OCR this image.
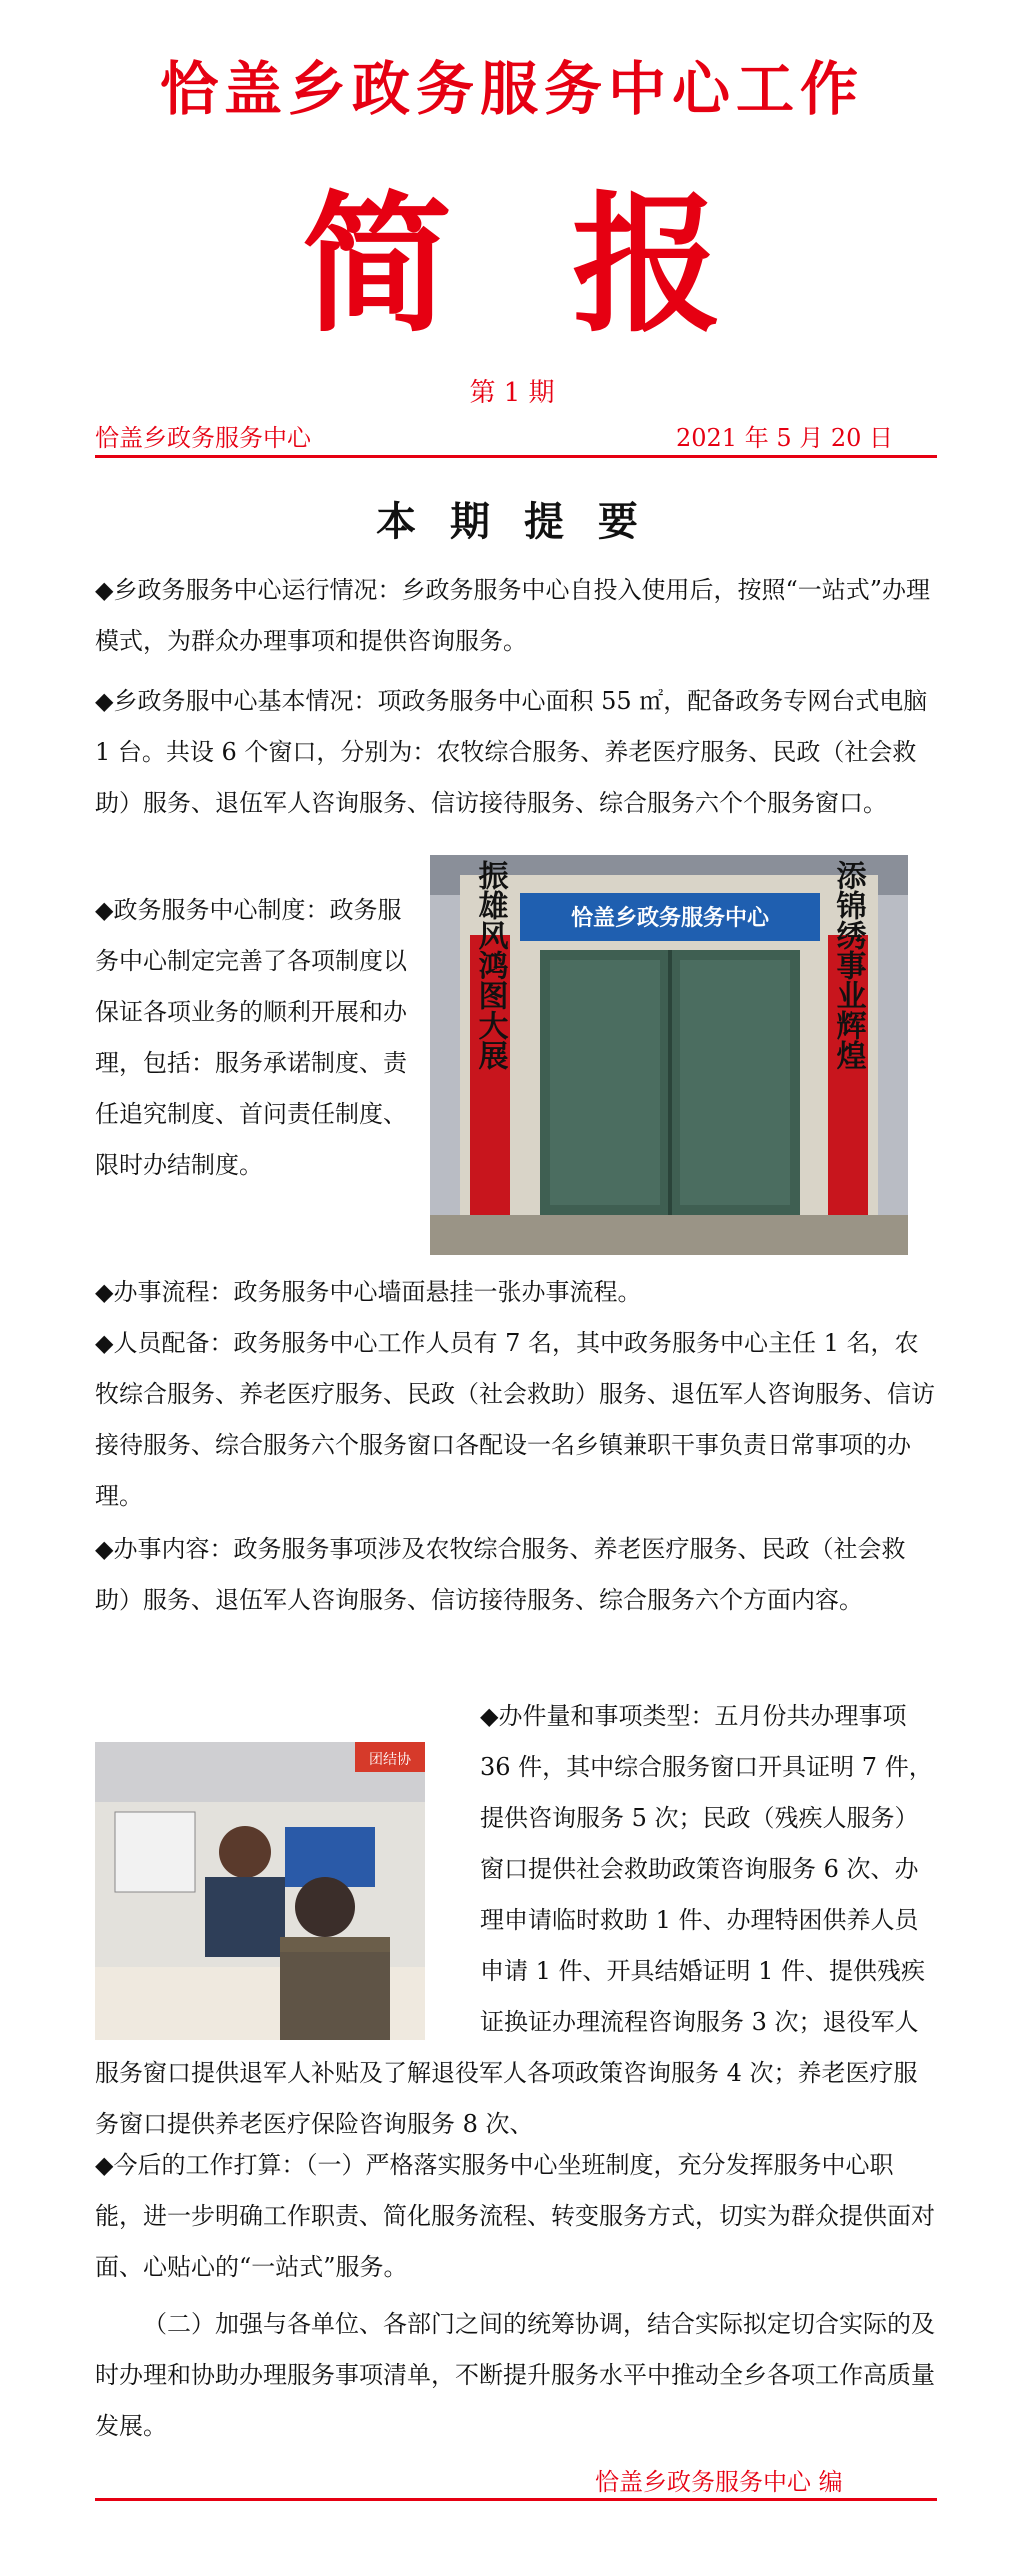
恰盖乡政务服务中心工作
简 报
第 1 期
恰盖乡政务服务中心	2021 年 5 月 20 日
本 期 提 要
◆乡政务服务中心运行情况：乡政务服务中心自投入使用后，按照“一站式”办理模式，为群众办理事项和提供咨询服务。
◆乡政务服中心基本情况：项政务服务中心面积 55 ㎡，配备政务专网台式电脑 1 台。共设 6 个窗口，分别为：农牧综合服务、养老医疗服务、民政（社会救助）服务、退伍军人咨询服务、信访接待服务、综合服务六个个服务窗口。
◆政务服务中心制度：政务服务中心制定完善了各项制度以保证各项业务的顺利开展和办理，包括：服务承诺制度、责任追究制度、首问责任制度、限时办结制度。
恰盖乡政务服务中心
振雄风鸿图大展	添锦绣事业辉煌
◆办事流程：政务服务中心墙面悬挂一张办事流程。
◆人员配备：政务服务中心工作人员有 7 名，其中政务服务中心主任 1 名，农牧综合服务、养老医疗服务、民政（社会救助）服务、退伍军人咨询服务、信访接待服务、综合服务六个服务窗口各配设一名乡镇兼职干事负责日常事项的办理。
◆办事内容：政务服务事项涉及农牧综合服务、养老医疗服务、民政（社会救助）服务、退伍军人咨询服务、信访接待服务、综合服务六个方面内容。
团结协
◆办件量和事项类型：五月份共办理事项 36 件，其中综合服务窗口开具证明 7 件，提供咨询服务 5 次；民政（残疾人服务）窗口提供社会救助政策咨询服务 6 次、办理申请临时救助 1 件、办理特困供养人员申请 1 件、开具结婚证明 1 件、提供残疾证换证办理流程咨询服务 3 次；退役军人服务窗口提供退军人补贴及了解退役军人各项政策咨询服务 4 次；养老医疗服务窗口提供养老医疗保险咨询服务 8 次、
◆今后的工作打算：（一）严格落实服务中心坐班制度，充分发挥服务中心职能，进一步明确工作职责、简化服务流程、转变服务方式，切实为群众提供面对面、心贴心的“一站式”服务。
（二）加强与各单位、各部门之间的统筹协调，结合实际拟定切合实际的及时办理和协助办理服务事项清单，不断提升服务水平中推动全乡各项工作高质量发展。
恰盖乡政务服务中心 编
